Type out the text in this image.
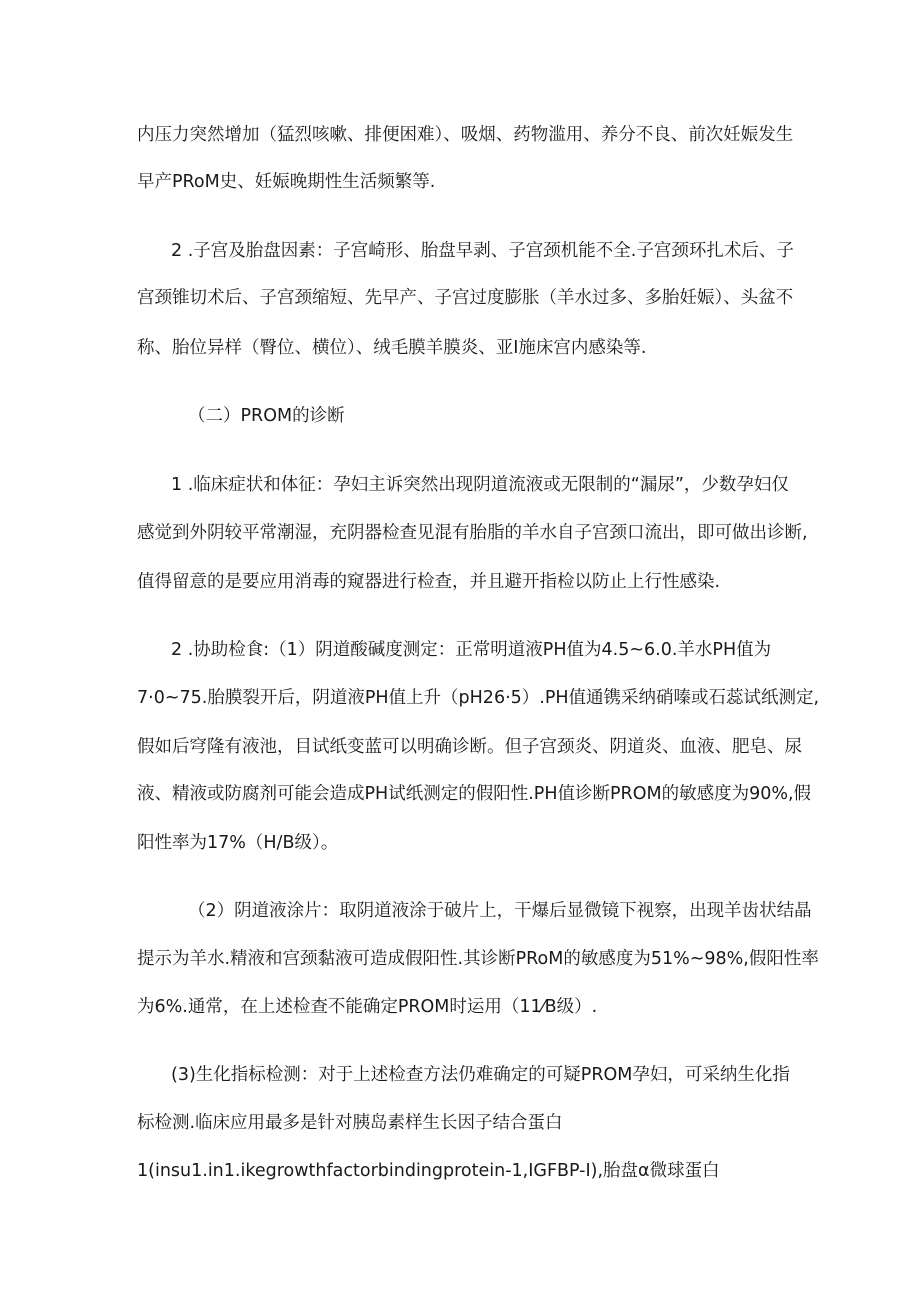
内压力突然增加（猛烈咳嗽、排便困难）、吸烟、药物滥用、养分不良、前次妊娠发生
早产PRoM史、妊娠晚期性生活频繁等.
2 .子宫及胎盘因素：子宫崎形、胎盘早剥、子宫颈机能不全.子宫颈环扎术后、子
宫颈锥切术后、子宫颈缩短、先早产、子宫过度膨胀（羊水过多、多胎妊娠）、头盆不
称、胎位异样（臀位、横位）、绒毛膜羊膜炎、亚I施床宫内感染等.
（二）PROM的诊断
1 .临床症状和体征：孕妇主诉突然出现阴道流液或无限制的“漏尿”，少数孕妇仅
感觉到外阴较平常潮湿，充阴器检查见混有胎脂的羊水自子宫颈口流出，即可做出诊断,
值得留意的是要应用消毒的窥器进行检查，并且避开指检以防止上行性感染.
2 .协助检食:（1）阴道酸碱度测定：正常明道液PH值为4.5~6.0.羊水PH值为
7·0~75.胎膜裂开后，阴道液PH值上升（pH26·5）.PH值通镌采纳硝嗪或石蕊试纸测定,
假如后穹隆有液池，目试纸变蓝可以明确诊断。但子宫颈炎、阴道炎、血液、肥皂、尿
液、精液或防腐剂可能会造成PH试纸测定的假阳性.PH值诊断PROM的敏感度为90%,假
阳性率为17%（H/B级）。
（2）阴道液涂片：取阴道液涂于破片上，干爆后显微镜下视察，出现羊齿状结晶
提示为羊水.精液和宫颈黏液可造成假阳性.其诊断PRoM的敏感度为51%~98%,假阳性率
为6%.通常，在上述检查不能确定PROM时运用（11⁄B级）.
(3)生化指标检测：对于上述检查方法仍难确定的可疑PROM孕妇，可采纳生化指
标检测.临床应用最多是针对胰岛素样生长因子结合蛋白
1(insu1.in1.ikegrowthfactorbindingprotein-1,IGFBP-I),胎盘α微球蛋白
